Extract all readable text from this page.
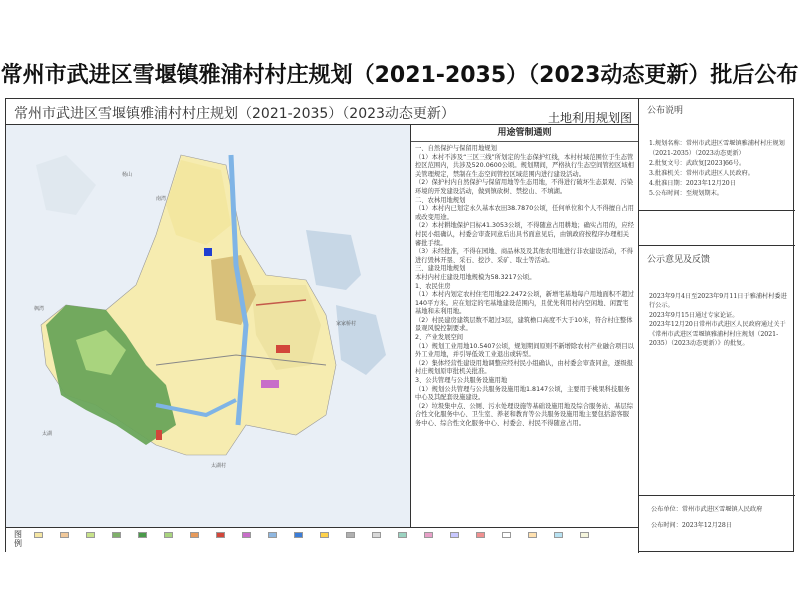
常州市武进区雪堰镇雅浦村村庄规划（2021-2035）（2023动态更新）批后公布
常州市武进区雪堰镇雅浦村村庄规划（2021-2035）（2023动态更新）	土地利用规划图
杨山
南湾
枫湾
家家桥村
太湖
太湖村
用途管制通则

一、自然保护与保留用地规划

（1）本村不涉及“三区三线”所划定的生态保护红线，本村村域范围位于生态管控区范围内，共涉及520.0600公顷。规划期间，严格执行生态空间管控区域相关管理规定，禁制在生态空间管控区域范围内进行建设活动。

（2）保护村内自然保护与保留用地等生态用地，不得进行破坏生态景观、污染环境的开发建设活动，做到镇砍树、禁挖山、不填湖。

二、农林用地规划

（1）本村内已划定永久基本农田38.7870公顷，任何单位和个人不得擅自占用或改变用途。

（2）本村耕地保护目标41.3053公顷，不得随意占用耕地；确实占用的，应经村民小组确认，村委会审查同意后出具书面意见后，由镇政府按程序办理相关審批手续。

（3）未经批准，不得在园地、商品林及及其他农用地进行非农建设活动，不得进行毁林开垦、采石、挖沙、采矿、取土等活动。

三、建设用地规划

本村内村庄建设用地规模为58.3217公顷。

1、农民住房

（1）本村内划定农村住宅用地22.2472公顷，新增宅基地每户用地面积不超过140平方米。应在划定的宅基地建设范围内，且优先利用村内空闲地、闲置宅基地和未利用地。

（2）村民建房建筑层数不超过3层，建筑檐口高度不大于10米，符合村庄整体景观风貌控制要求。

2、产业发展空间

（1）规划工业用地10.5407公顷，规划期间原则不新增除农村产业融合项目以外工业用地，并引导低效工业退出或转型。

（2）集体经营性建设用地调整应经村民小组确认，由村委会审查同意，逐级报村庄规划原审批机关批准。

3、公共管理与公共服务设施用地

（1）规划公共管理与公共服务设施用地1.8147公顷，主要用于桃果科技服务中心及其配套设施建设。

（2）垃圾集中点、公厕、污水处理设施等基础设施用地及综合服务站、基层综合性文化服务中心、卫生室、养老和教育等公共服务设施用地主要包括游客服务中心、综合性文化服务中心、村委会、村民不得随意占用。

图例
公布说明
1.规划名称：常州市武进区雪堰镇雅浦村村庄规划（2021-2035）（2023动态更新）
2.批复文号：武政复[2023]66号。
3.批准机关：常州市武进区人民政府。
4.批准日期：2023年12月20日
5.公布时间：至规划期末。
公示意见及反馈
2023年9月4日至2023年9月11日于雅浦村村委进行公示。
2023年9月15日通过专家论证。
2023年12月20日常州市武进区人民政府通过关于《常州市武进区雪堰镇雅浦村村庄规划（2021-2035）（2023动态更新）》的批复。
公布单位：常州市武进区雪堰镇人民政府
公布时间：2023年12月28日
